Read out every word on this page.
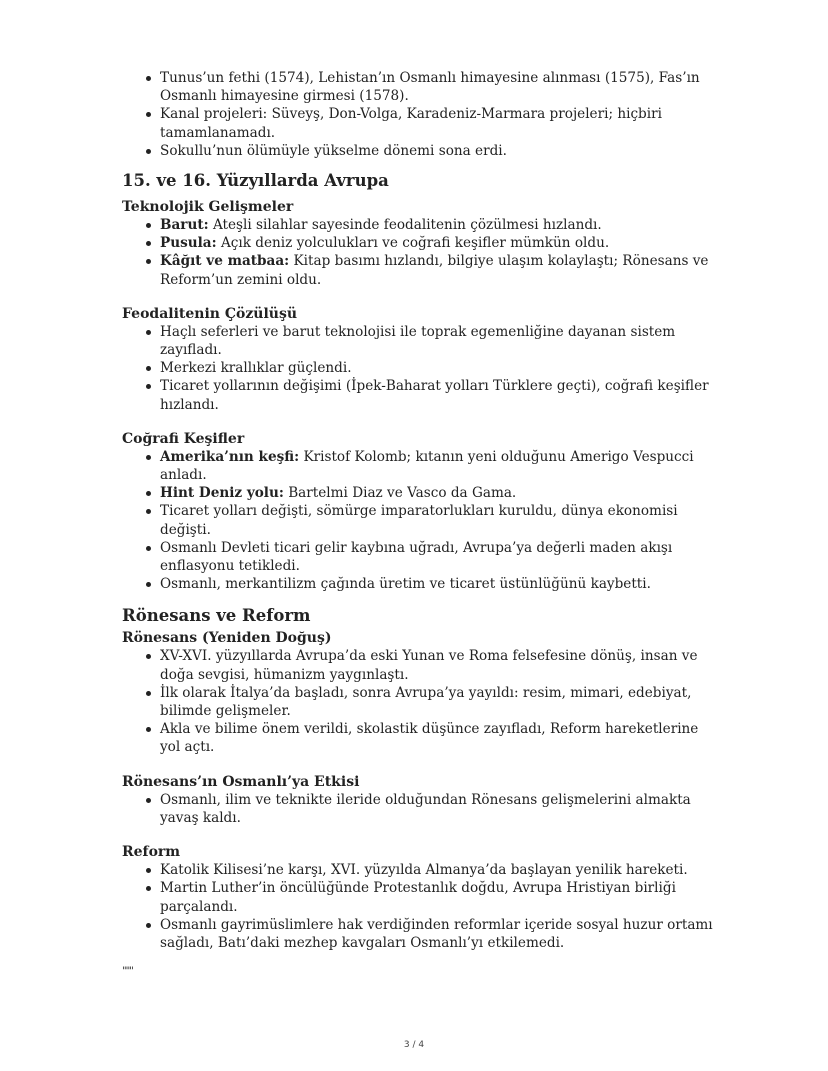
Tunus’un fethi (1574), Lehistan’ın Osmanlı himayesine alınması (1575), Fas’ın Osmanlı himayesine girmesi (1578).
Kanal projeleri: Süveyş, Don-Volga, Karadeniz-Marmara projeleri; hiçbiri tamamlanamadı.
Sokullu’nun ölümüyle yükselme dönemi sona erdi.
15. ve 16. Yüzyıllarda Avrupa
Teknolojik Gelişmeler
Barut: Ateşli silahlar sayesinde feodalitenin çözülmesi hızlandı.
Pusula: Açık deniz yolculukları ve coğrafi keşifler mümkün oldu.
Kâğıt ve matbaa: Kitap basımı hızlandı, bilgiye ulaşım kolaylaştı; Rönesans ve Reform’un zemini oldu.
Feodalitenin Çözülüşü
Haçlı seferleri ve barut teknolojisi ile toprak egemenliğine dayanan sistem zayıfladı.
Merkezi krallıklar güçlendi.
Ticaret yollarının değişimi (İpek-Baharat yolları Türklere geçti), coğrafi keşifler hızlandı.
Coğrafi Keşifler
Amerika’nın keşfi: Kristof Kolomb; kıtanın yeni olduğunu Amerigo Vespucci anladı.
Hint Deniz yolu: Bartelmi Diaz ve Vasco da Gama.
Ticaret yolları değişti, sömürge imparatorlukları kuruldu, dünya ekonomisi değişti.
Osmanlı Devleti ticari gelir kaybına uğradı, Avrupa’ya değerli maden akışı enflasyonu tetikledi.
Osmanlı, merkantilizm çağında üretim ve ticaret üstünlüğünü kaybetti.
Rönesans ve Reform
Rönesans (Yeniden Doğuş)
XV-XVI. yüzyıllarda Avrupa’da eski Yunan ve Roma felsefesine dönüş, insan ve doğa sevgisi, hümanizm yaygınlaştı.
İlk olarak İtalya’da başladı, sonra Avrupa’ya yayıldı: resim, mimari, edebiyat, bilimde gelişmeler.
Akla ve bilime önem verildi, skolastik düşünce zayıfladı, Reform hareketlerine yol açtı.
Rönesans’ın Osmanlı’ya Etkisi
Osmanlı, ilim ve teknikte ileride olduğundan Rönesans gelişmelerini almakta yavaş kaldı.
Reform
Katolik Kilisesi’ne karşı, XVI. yüzyılda Almanya’da başlayan yenilik hareketi.
Martin Luther’in öncülüğünde Protestanlık doğdu, Avrupa Hristiyan birliği parçalandı.
Osmanlı gayrimüslimlere hak verdiğinden reformlar içeride sosyal huzur ortamı sağladı, Batı’daki mezhep kavgaları Osmanlı’yı etkilemedi.
"""
3 / 4
